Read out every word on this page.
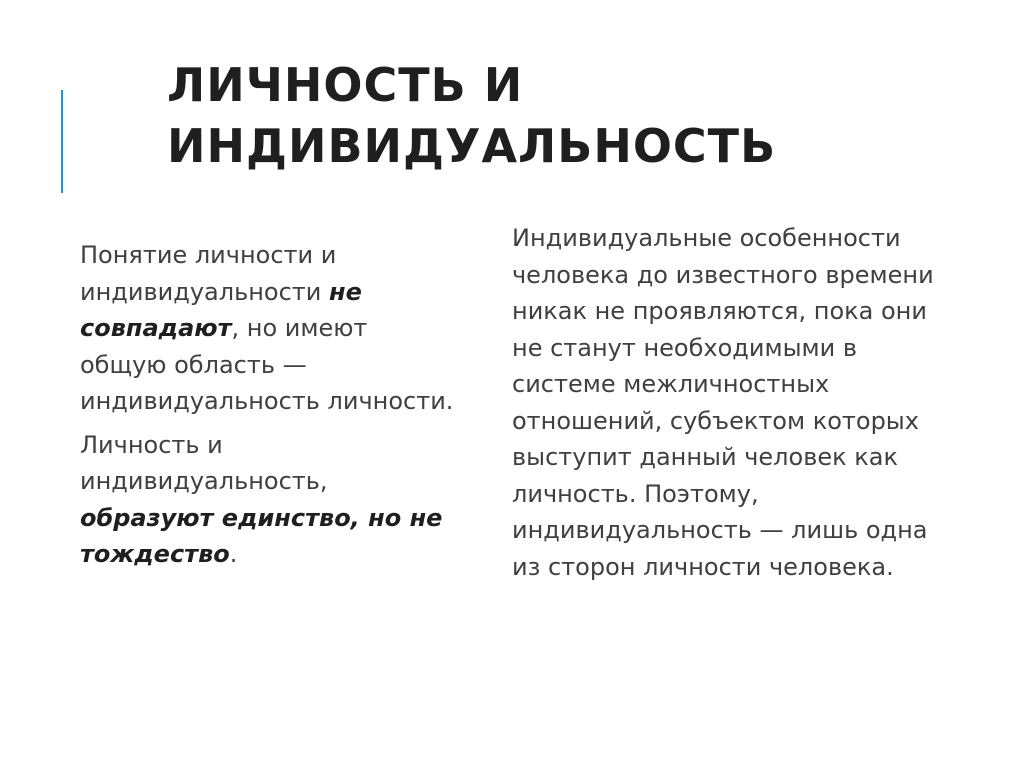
ЛИЧНОСТЬ И
ИНДИВИДУАЛЬНОСТЬ

Понятие личности и
индивидуальности не
совпадают, но имеют
общую область —
индивидуальность личности.

Личность и
индивидуальность,
образуют единство, но не
тождество.

Индивидуальные особенности
человека до известного времени
никак не проявляются, пока они
не станут необходимыми в
системе межличностных
отношений, субъектом которых
выступит данный человек как
личность. Поэтому,
индивидуальность — лишь одна
из сторон личности человека.
